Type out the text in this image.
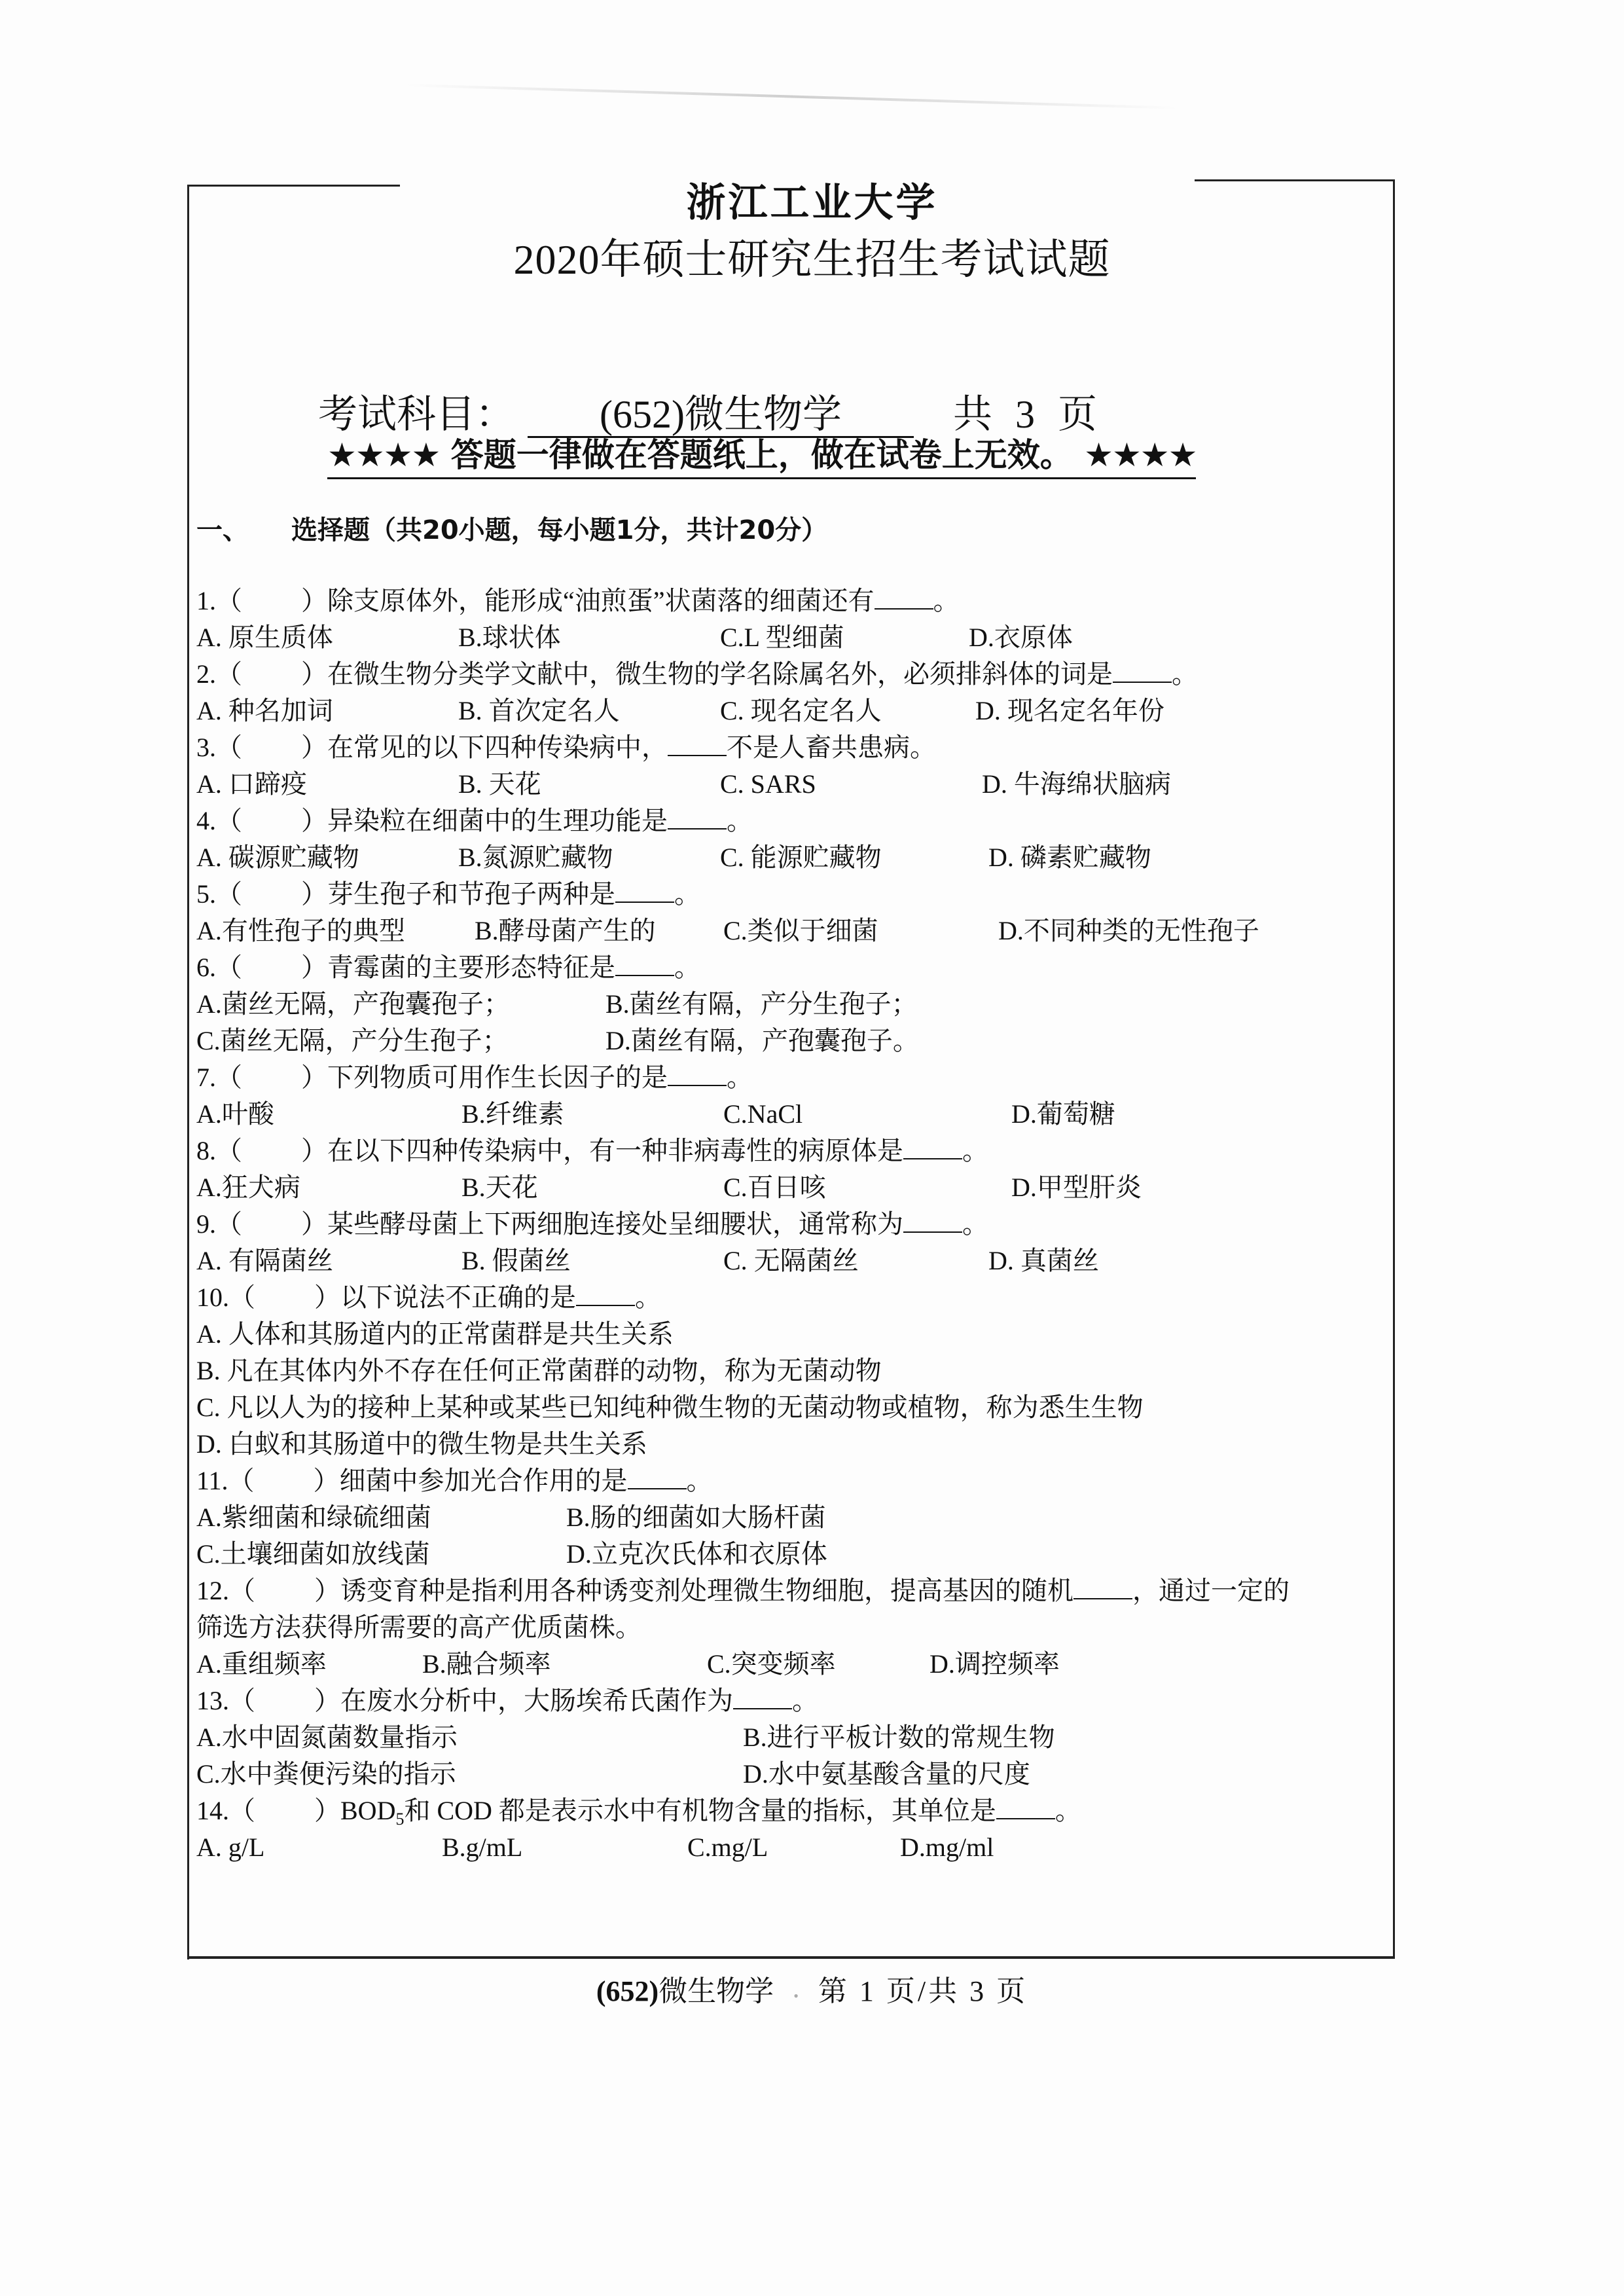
浙江工业大学
2020年硕士研究生招生考试试题
考试科目： (652)微生物学	共 3 页
★★★★ 答题一律做在答题纸上，做在试卷上无效。 ★★★★
一、 选择题（共20小题，每小题1分，共计20分）
1.（ ）除支原体外，能形成“油煎蛋”状菌落的细菌还有 。
A. 原生质体	B.球状体	C.L 型细菌	D.衣原体
2.（ ）在微生物分类学文献中，微生物的学名除属名外，必须排斜体的词是 。
A. 种名加词	B. 首次定名人	C. 现名定名人	D. 现名定名年份
3.（ ）在常见的以下四种传染病中， 不是人畜共患病。
A. 口蹄疫	B. 天花	C. SARS	D. 牛海绵状脑病
4.（ ）异染粒在细菌中的生理功能是 。
A. 碳源贮藏物	B.氮源贮藏物	C. 能源贮藏物	D. 磷素贮藏物
5.（ ）芽生孢子和节孢子两种是 。
A.有性孢子的典型	B.酵母菌产生的	C.类似于细菌	D.不同种类的无性孢子
6.（ ）青霉菌的主要形态特征是 。
A.菌丝无隔，产孢囊孢子；	B.菌丝有隔，产分生孢子；
C.菌丝无隔，产分生孢子；	D.菌丝有隔，产孢囊孢子。
7.（ ）下列物质可用作生长因子的是 。
A.叶酸	B.纤维素	C.NaCl	D.葡萄糖
8.（ ）在以下四种传染病中，有一种非病毒性的病原体是 。
A.狂犬病	B.天花	C.百日咳	D.甲型肝炎
9.（ ）某些酵母菌上下两细胞连接处呈细腰状，通常称为 。
A. 有隔菌丝	B. 假菌丝	C. 无隔菌丝	D. 真菌丝
10.（ ）以下说法不正确的是 。
A. 人体和其肠道内的正常菌群是共生关系
B. 凡在其体内外不存在任何正常菌群的动物，称为无菌动物
C. 凡以人为的接种上某种或某些已知纯种微生物的无菌动物或植物，称为悉生生物
D. 白蚁和其肠道中的微生物是共生关系
11.（ ）细菌中参加光合作用的是 。
A.紫细菌和绿硫细菌	B.肠的细菌如大肠杆菌
C.土壤细菌如放线菌	D.立克次氏体和衣原体
12.（ ）诱变育种是指利用各种诱变剂处理微生物细胞，提高基因的随机 ，通过一定的
筛选方法获得所需要的高产优质菌株。
A.重组频率	B.融合频率	C.突变频率	D.调控频率
13.（ ）在废水分析中，大肠埃希氏菌作为 。
A.水中固氮菌数量指示	B.进行平板计数的常规生物
C.水中粪便污染的指示	D.水中氨基酸含量的尺度
14.（ ）$BOD_5$和 COD 都是表示水中有机物含量的指标，其单位是 。
A. g/L	B.g/mL	C.mg/L	D.mg/ml
(652)微生物学 • 第 1 页/共 3 页
